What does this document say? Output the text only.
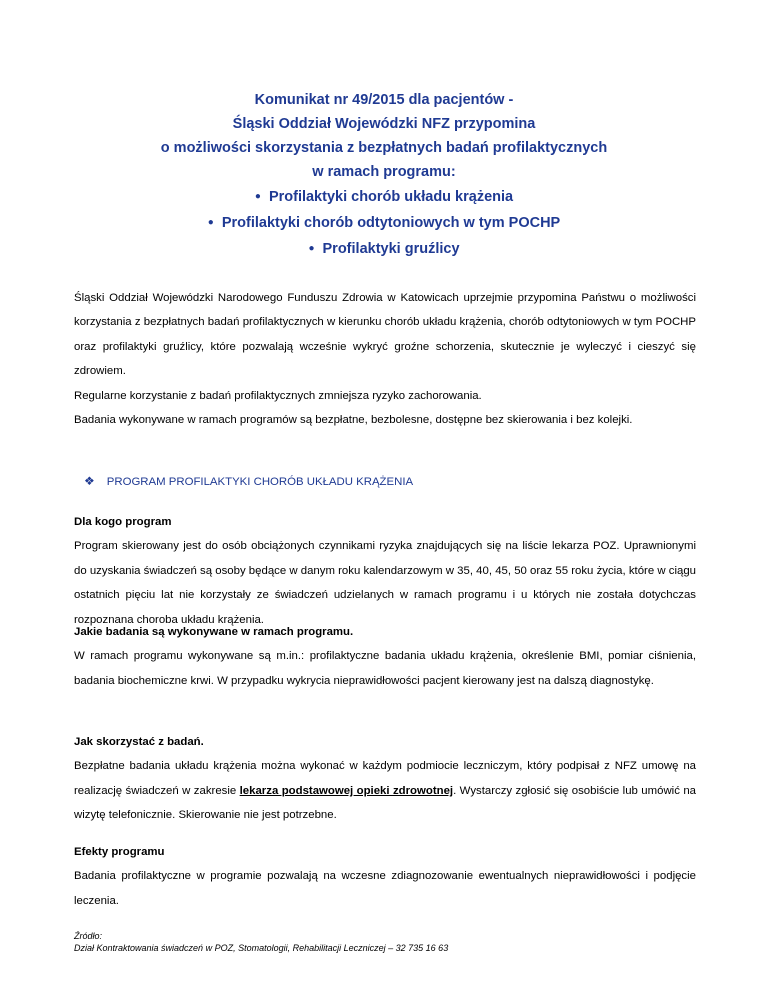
Komunikat nr 49/2015 dla pacjentów -
Śląski Oddział Wojewódzki NFZ przypomina
o możliwości skorzystania z bezpłatnych badań profilaktycznych
w ramach programu:
● Profilaktyki chorób układu krążenia
● Profilaktyki chorób odtytoniowych w tym POCHP
● Profilaktyki gruźlicy

Śląski Oddział Wojewódzki Narodowego Funduszu Zdrowia w Katowicach uprzejmie przypomina Państwu o możliwości korzystania z bezpłatnych badań profilaktycznych w kierunku chorób układu krążenia, chorób odtytoniowych w tym POCHP oraz profilaktyki gruźlicy, które pozwalają wcześnie wykryć groźne schorzenia, skutecznie je wyleczyć i cieszyć się zdrowiem.

Regularne korzystanie z badań profilaktycznych zmniejsza ryzyko zachorowania.

Badania wykonywane w ramach programów są bezpłatne, bezbolesne, dostępne bez skierowania i bez kolejki.

❖ PROGRAM PROFILAKTYKI CHORÓB UKŁADU KRĄŻENIA

Dla kogo program

Program skierowany jest do osób obciążonych czynnikami ryzyka znajdujących się na liście lekarza POZ. Uprawnionymi do uzyskania świadczeń są osoby będące w danym roku kalendarzowym w 35, 40, 45, 50 oraz 55 roku życia, które w ciągu ostatnich pięciu lat nie korzystały ze świadczeń udzielanych w ramach programu i u których nie została dotychczas rozpoznana choroba układu krążenia.

Jakie badania są wykonywane w ramach programu.

W ramach programu wykonywane są m.in.: profilaktyczne badania układu krążenia, określenie BMI, pomiar ciśnienia, badania biochemiczne krwi. W przypadku wykrycia nieprawidłowości pacjent kierowany jest na dalszą diagnostykę.

Jak skorzystać z badań.

Bezpłatne badania układu krążenia można wykonać w każdym podmiocie leczniczym, który podpisał z NFZ umowę na realizację świadczeń w zakresie lekarza podstawowej opieki zdrowotnej. Wystarczy zgłosić się osobiście lub umówić na wizytę telefonicznie. Skierowanie nie jest potrzebne.

Efekty programu

Badania profilaktyczne w programie pozwalają na wczesne zdiagnozowanie ewentualnych nieprawidłowości i podjęcie leczenia.

Źródło:
Dział Kontraktowania świadczeń w POZ, Stomatologii, Rehabilitacji Leczniczej – 32 735 16 63
